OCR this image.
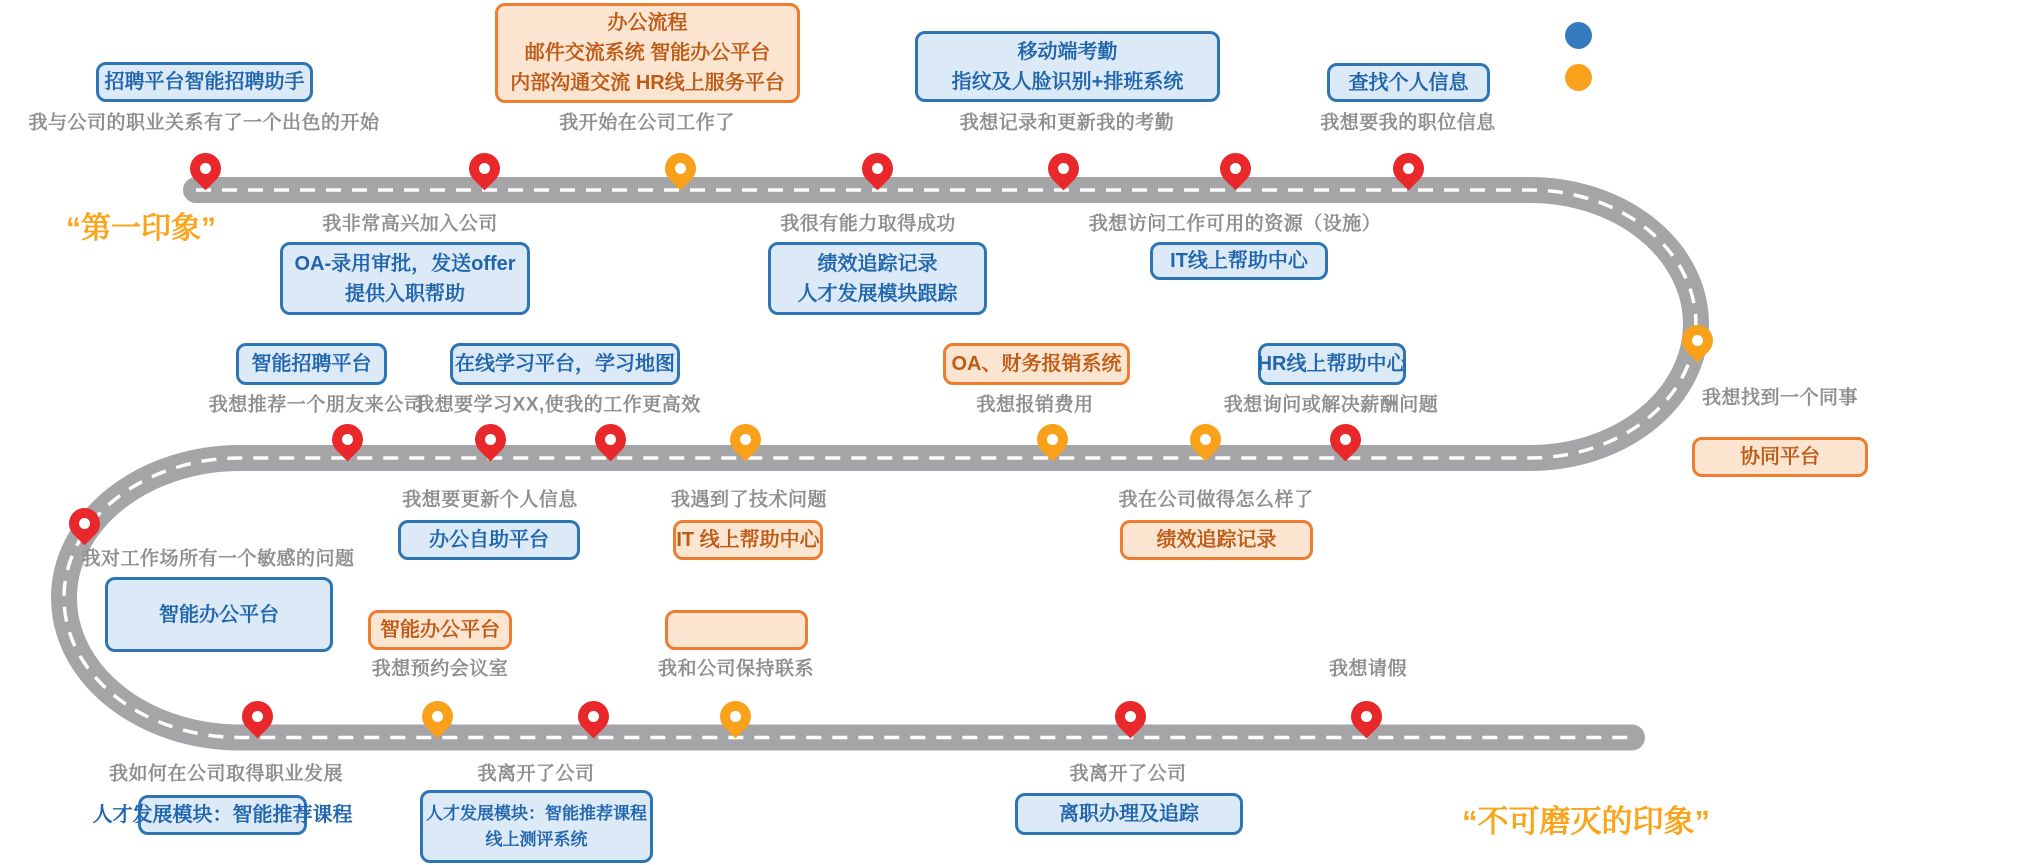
“第一印象”
“不可磨灭的印象”
招聘平台智能招聘助手
我与公司的职业关系有了一个出色的开始
办公流程
邮件交流系统 智能办公平台
内部沟通交流 HR线上服务平台
我开始在公司工作了
移动端考勤
指纹及人脸识别+排班系统
我想记录和更新我的考勤
查找个人信息
我想要我的职位信息
我非常高兴加入公司
OA-录用审批，发送offer
提供入职帮助
我很有能力取得成功
绩效追踪记录
人才发展模块跟踪
我想访问工作可用的资源（设施）
IT线上帮助中心
智能招聘平台
我想推荐一个朋友来公司
在线学习平台，学习地图
我想要学习XX,使我的工作更高效
OA、财务报销系统
我想报销费用
HR线上帮助中心
我想询问或解决薪酬问题	我想找到一个同事
协同平台
我想要更新个人信息
办公自助平台
我遇到了技术问题
IT 线上帮助中心
我在公司做得怎么样了
绩效追踪记录
我对工作场所有一个敏感的问题
智能办公平台
智能办公平台
我想预约会议室	我和公司保持联系	我想请假
我如何在公司取得职业发展
人才发展模块：智能推荐课程
我离开了公司
人才发展模块：智能推荐课程
线上测评系统
我离开了公司
离职办理及追踪
